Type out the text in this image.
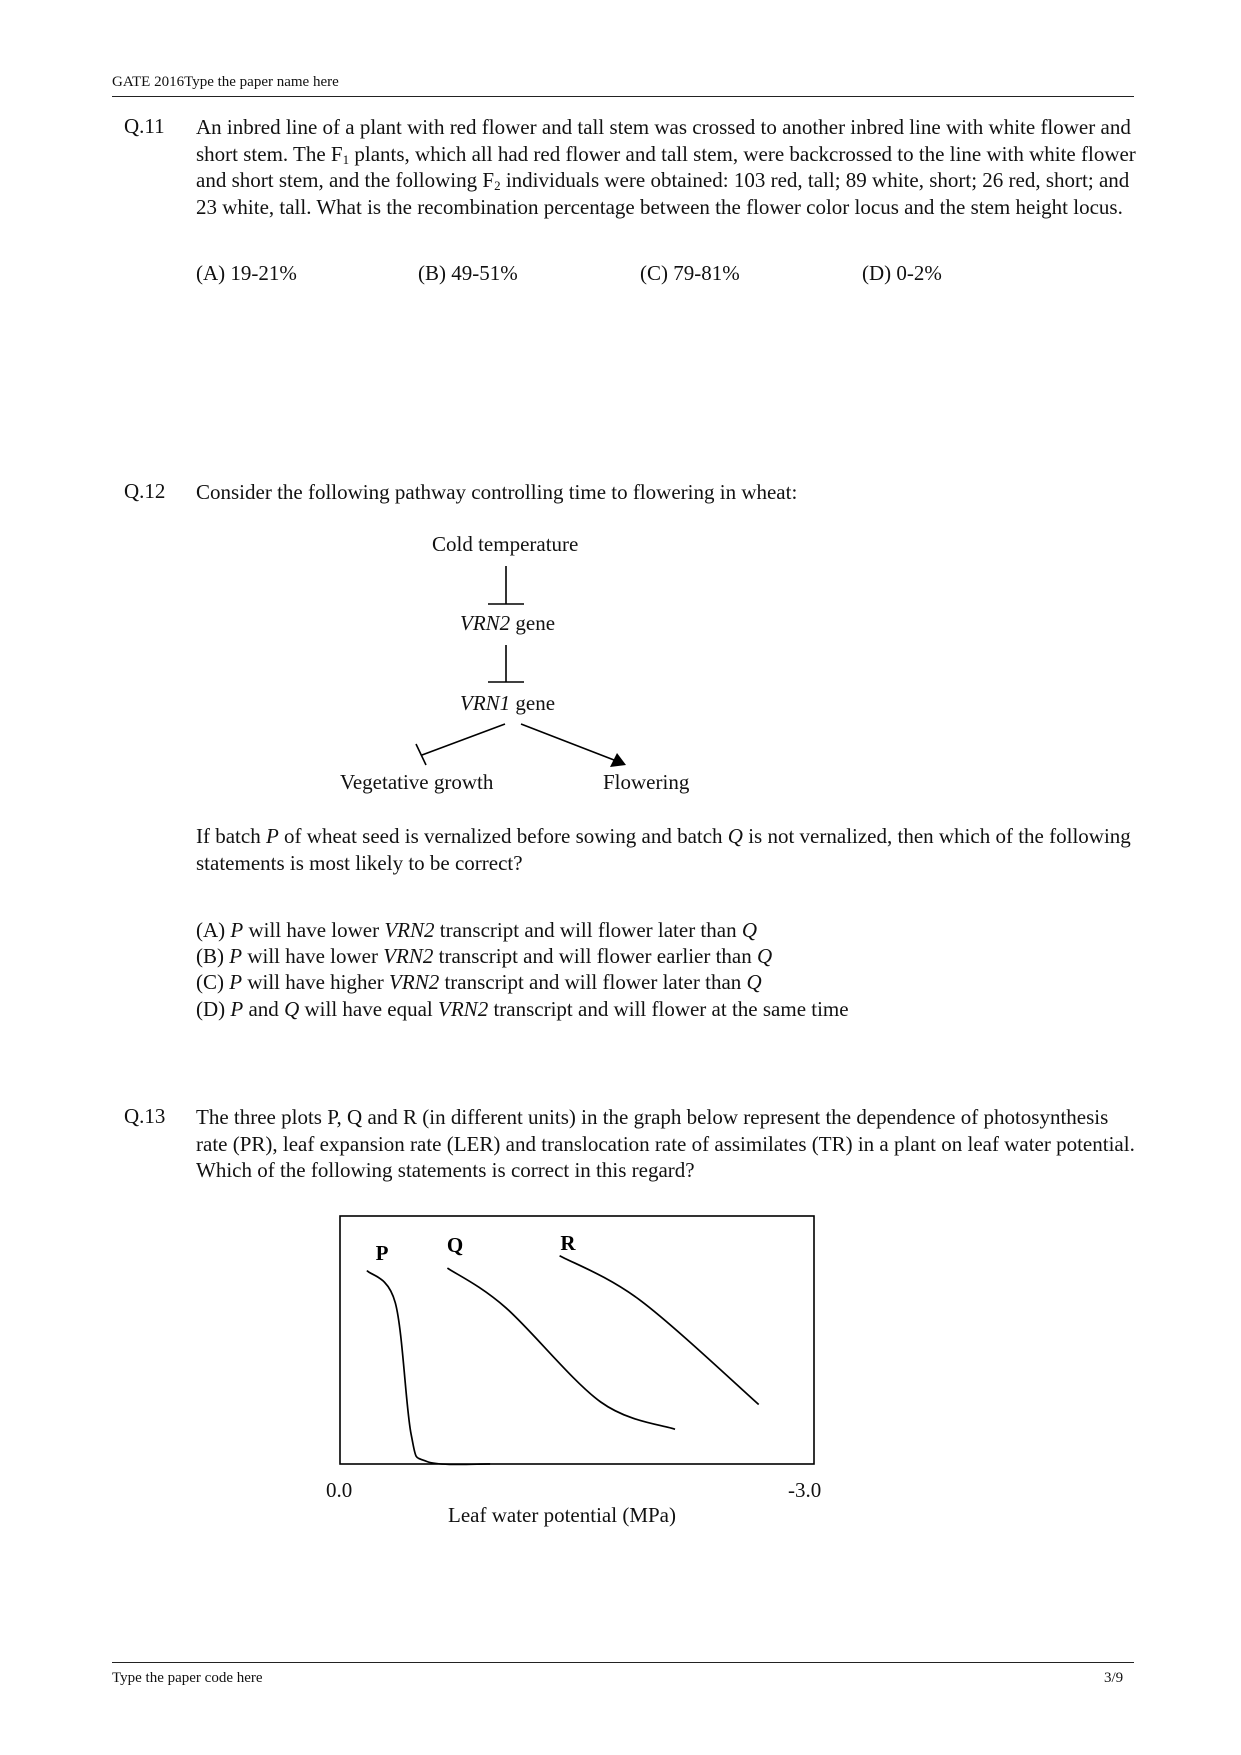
GATE 2016Type the paper name here
Q.11 An inbred line of a plant with red flower and tall stem was crossed to another inbred line with white flower and short stem. The $F_1$ plants, which all had red flower and tall stem, were backcrossed to the line with white flower and short stem, and the following $F_2$ individuals were obtained: 103 red, tall; 89 white, short; 26 red, short; and 23 white, tall. What is the recombination percentage between the flower color locus and the stem height locus.
(A) 19-21%	(B) 49-51%	(C) 79-81%	(D) 0-2%
Q.12 Consider the following pathway controlling time to flowering in wheat:
Cold temperature
VRN2 gene
VRN1 gene
Vegetative growth	Flowering
If batch P of wheat seed is vernalized before sowing and batch Q is not vernalized, then which of the following statements is most likely to be correct?
(A) P will have lower VRN2 transcript and will flower later than Q
(B) P will have lower VRN2 transcript and will flower earlier than Q
(C) P will have higher VRN2 transcript and will flower later than Q
(D) P and Q will have equal VRN2 transcript and will flower at the same time
Q.13 The three plots P, Q and R (in different units) in the graph below represent the dependence of photosynthesis rate (PR), leaf expansion rate (LER) and translocation rate of assimilates (TR) in a plant on leaf water potential. Which of the following statements is correct in this regard?
P	Q	R
0.0	-3.0
Leaf water potential (MPa)
Type the paper code here	3/9
